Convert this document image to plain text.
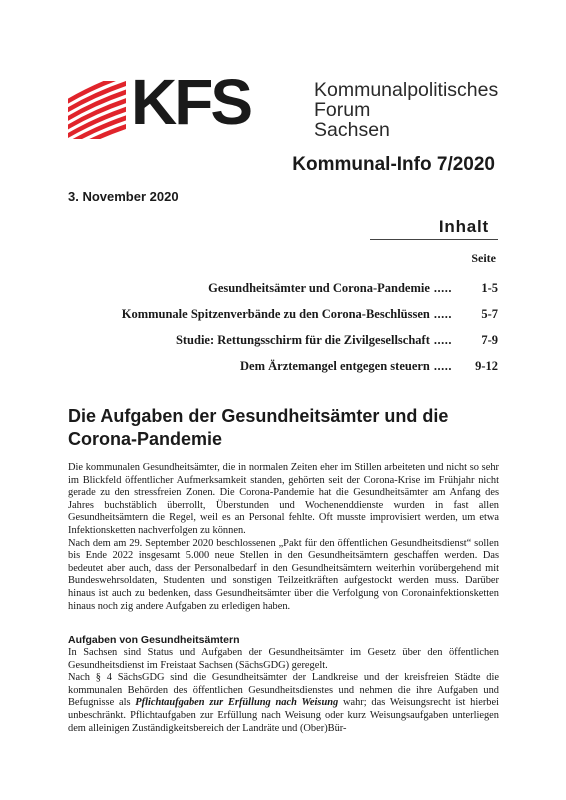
KFS	Kommunalpolitisches
Forum
Sachsen
Kommunal-Info 7/2020
3. November 2020
Inhalt
Seite
Gesundheitsämter und Corona-Pandemie ..... 1-5
Kommunale Spitzenverbände zu den Corona-Beschlüssen ..... 5-7
Studie: Rettungsschirm für die Zivilgesellschaft ..... 7-9
Dem Ärztemangel entgegen steuern ..... 9-12
Die Aufgaben der Gesundheitsämter und die
Corona-Pandemie

Die kommunalen Gesundheitsämter, die in normalen Zeiten eher im Stillen arbeiteten und nicht so sehr im Blickfeld öffentlicher Aufmerksamkeit standen, gehörten seit der Corona-Krise im Frühjahr nicht gerade zu den stressfreien Zonen. Die Corona-Pandemie hat die Gesundheitsämter am Anfang des Jahres buchstäblich überrollt, Überstunden und Wochenenddienste wurden in fast allen Gesundheitsämtern die Regel, weil es an Personal fehlte. Oft musste improvisiert werden, um etwa Infektionsketten nachverfolgen zu können.

Nach dem am 29. September 2020 beschlossenen „Pakt für den öffentlichen Gesundheitsdienst“ sollen bis Ende 2022 insgesamt 5.000 neue Stellen in den Gesundheitsämtern geschaffen werden. Das bedeutet aber auch, dass der Personalbedarf in den Gesundheitsämtern weiterhin vorübergehend mit Bundeswehrsoldaten, Studenten und sonstigen Teilzeitkräften aufgestockt werden muss. Darüber hinaus ist auch zu bedenken, dass Gesundheitsämter über die Verfolgung von Coronainfektionsketten hinaus noch zig andere Aufgaben zu erledigen haben.

Aufgaben von Gesundheitsämtern

In Sachsen sind Status und Aufgaben der Gesundheitsämter im Gesetz über den öffentlichen Gesundheitsdienst im Freistaat Sachsen (SächsGDG) geregelt.

Nach § 4 SächsGDG sind die Gesundheitsämter der Landkreise und der kreisfreien Städte die kommunalen Behörden des öffentlichen Gesundheitsdienstes und nehmen die ihre Aufgaben und Befugnisse als Pflichtaufgaben zur Erfüllung nach Weisung wahr; das Weisungsrecht ist hierbei unbeschränkt. Pflichtaufgaben zur Erfüllung nach Weisung oder kurz Weisungsaufgaben unterliegen dem alleinigen Zuständigkeitsbereich der Landräte und (Ober)Bür-
